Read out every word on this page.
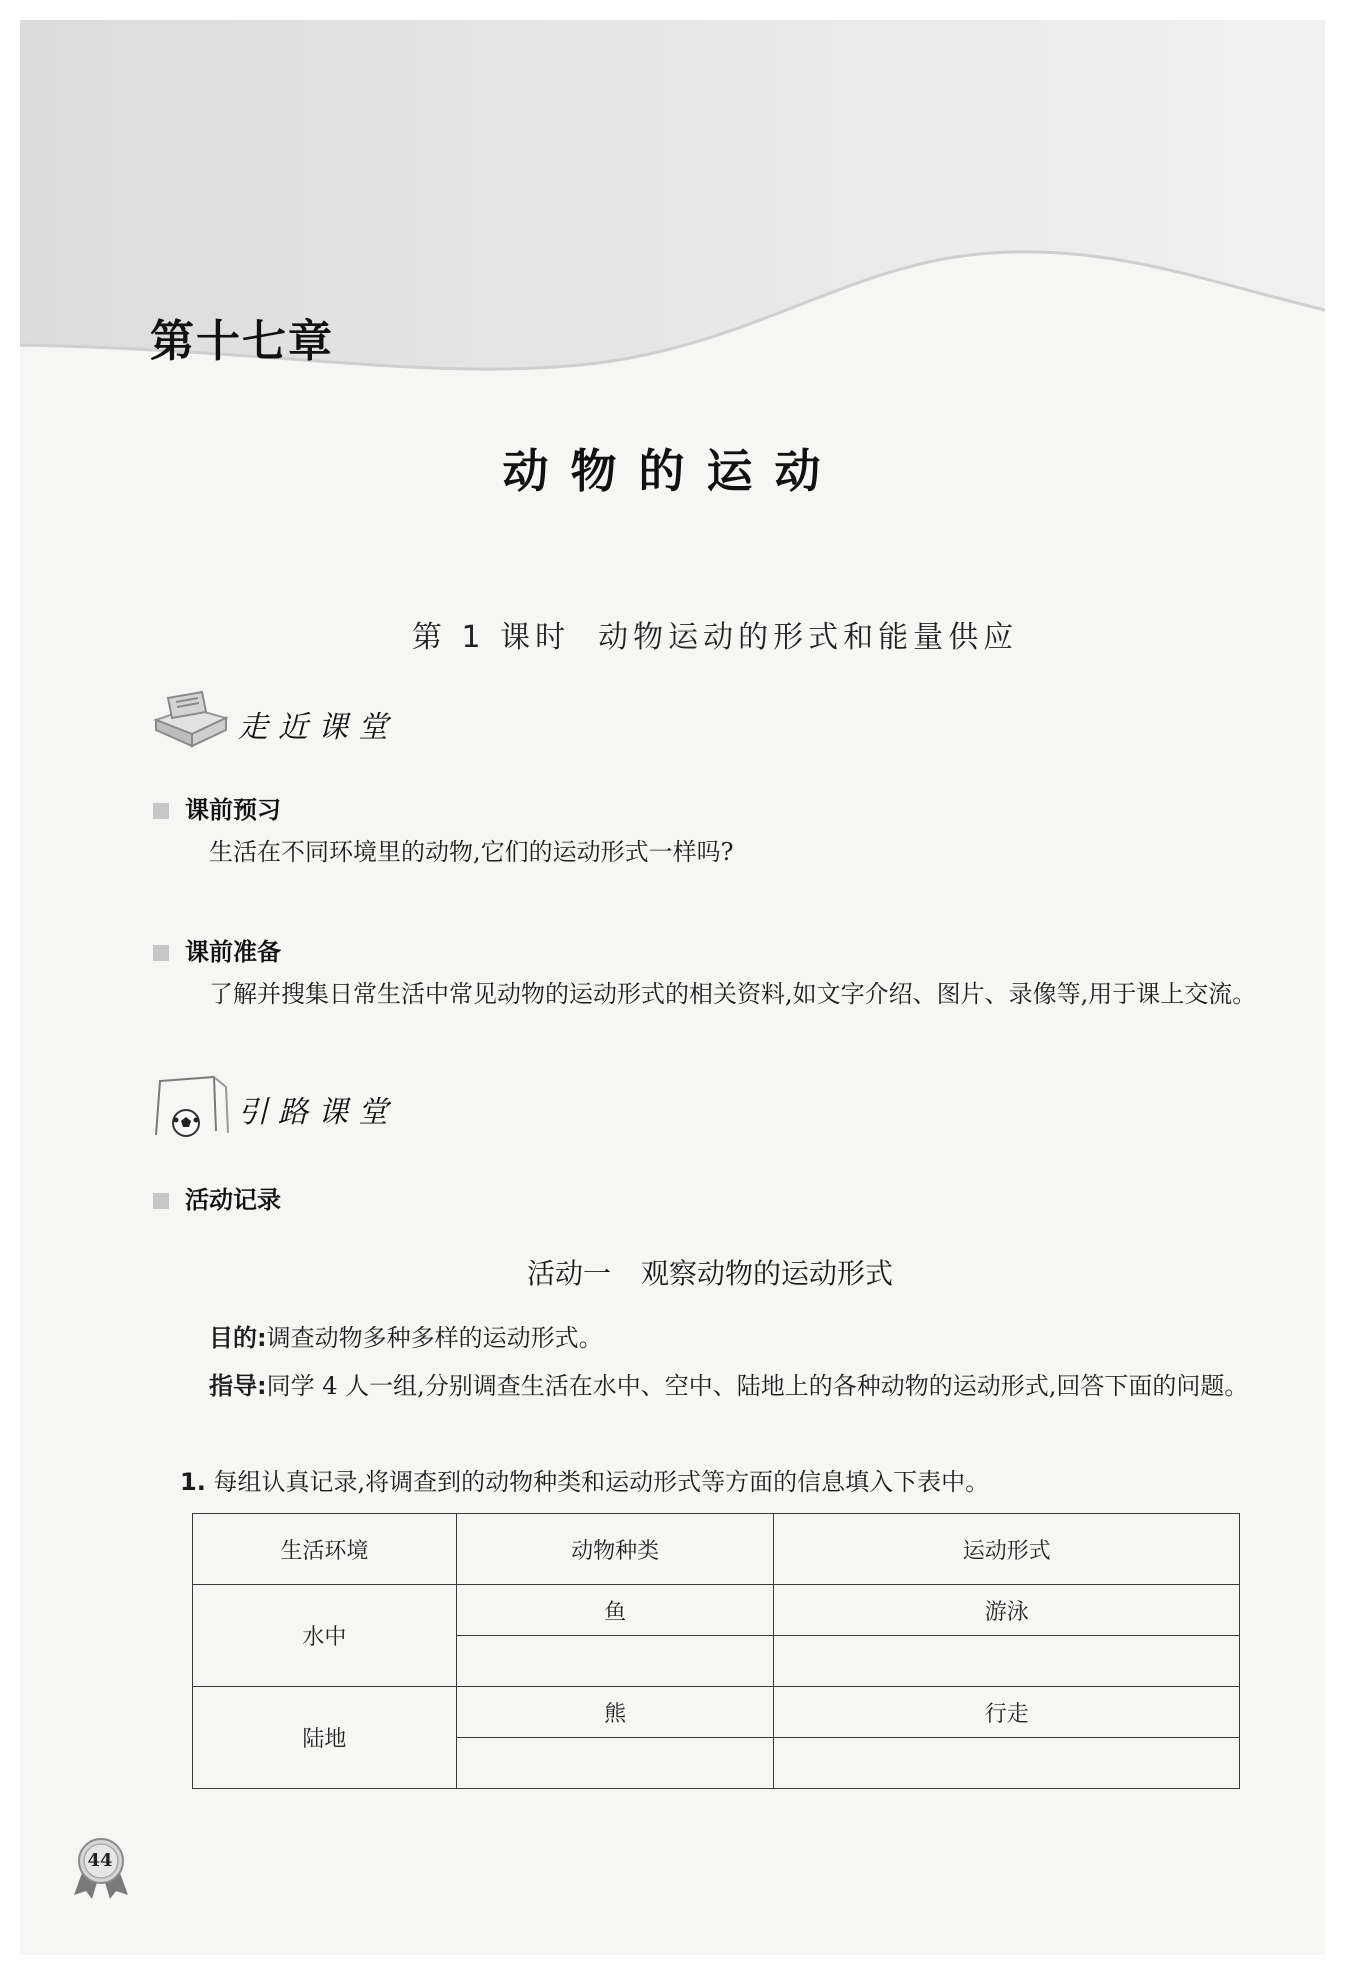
第十七章
动物的运动
第 1 课时 动物运动的形式和能量供应
走近课堂
课前预习
生活在不同环境里的动物,它们的运动形式一样吗?
课前准备
了解并搜集日常生活中常见动物的运动形式的相关资料,如文字介绍、图片、录像等,用于课上交流。
引路课堂
活动记录
活动一 观察动物的运动形式
目的:调查动物多种多样的运动形式。
指导:同学 4 人一组,分别调查生活在水中、空中、陆地上的各种动物的运动形式,回答下面的问题。
1. 每组认真记录,将调查到的动物种类和运动形式等方面的信息填入下表中。
生活环境	动物种类	运动形式
水中	鱼	游泳

陆地	熊	行走

44
